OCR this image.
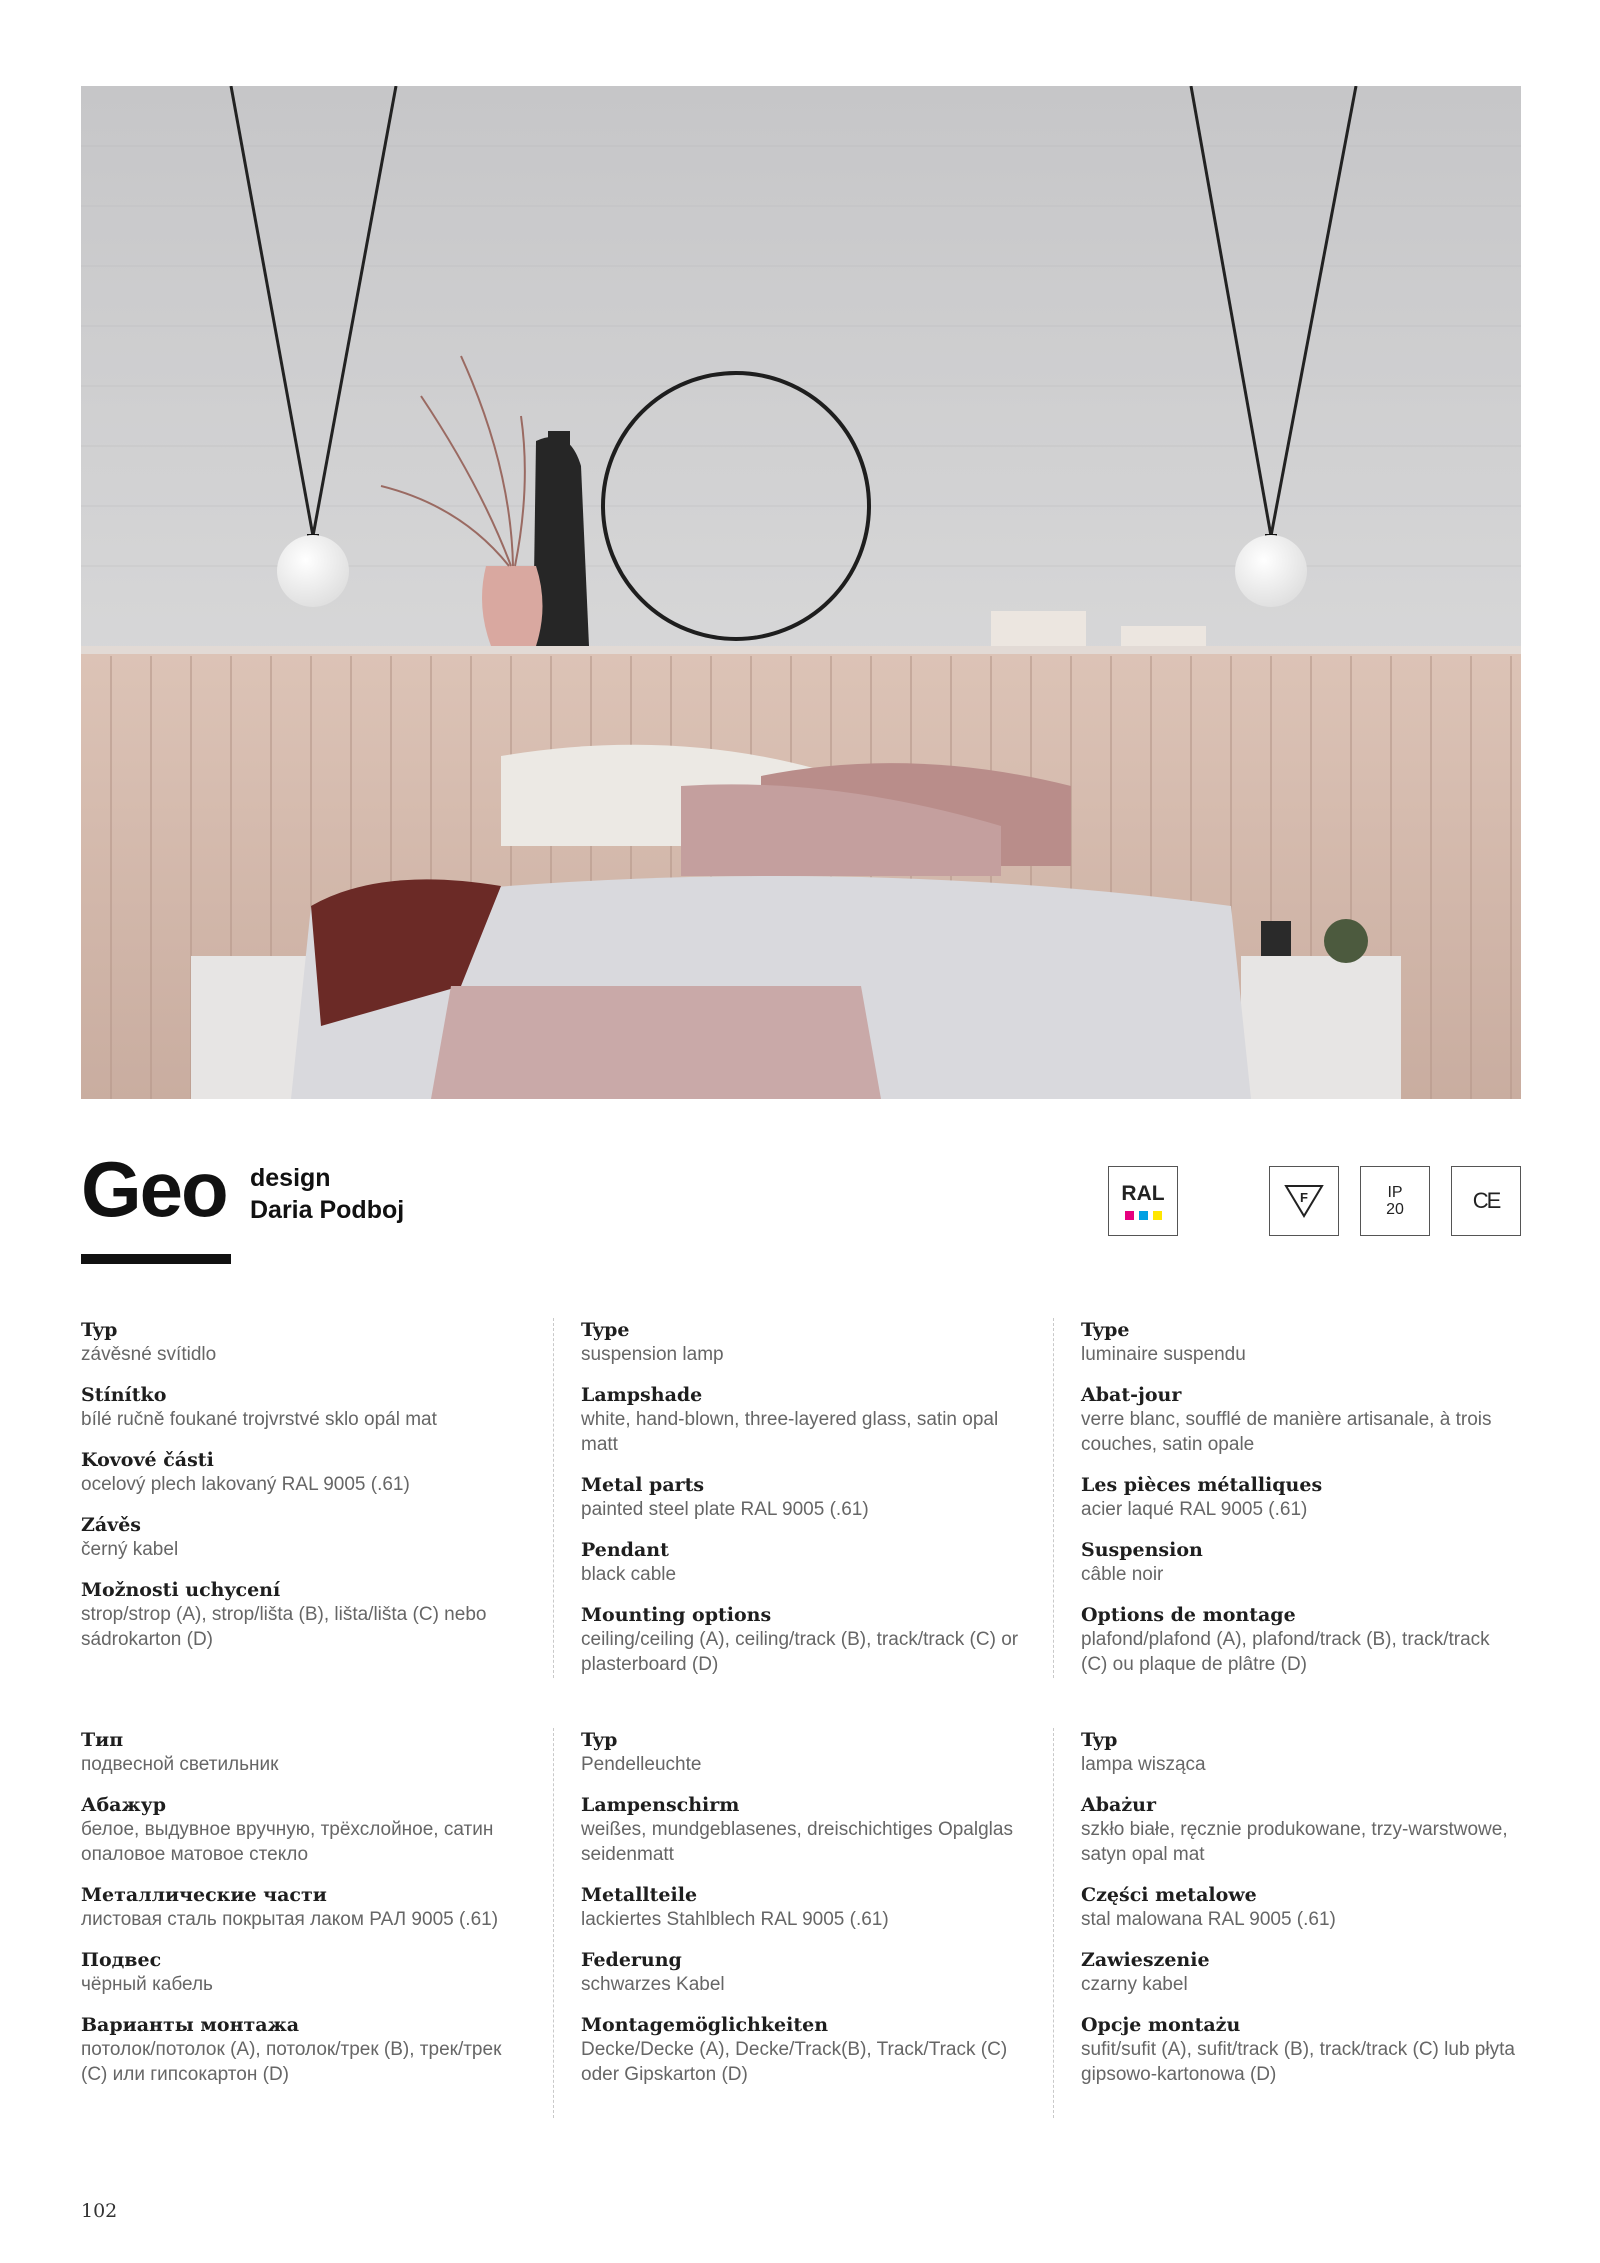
Geo design
Daria Podboj
RAL	F	IP
20	CE

Typ

závěsné svítidlo

Stínítko

bílé ručně foukané trojvrstvé sklo opál mat

Kovové části

ocelový plech lakovaný RAL 9005 (.61)

Závěs

černý kabel

Možnosti uchycení

strop/strop (A), strop/lišta (B), lišta/lišta (C) nebo sádrokarton (D)

Type

suspension lamp

Lampshade

white, hand-blown, three-layered glass, satin opal matt

Metal parts

painted steel plate RAL 9005 (.61)

Pendant

black cable

Mounting options

ceiling/ceiling (A), ceiling/track (B), track/track (C) or plasterboard (D)

Type

luminaire suspendu

Abat-jour

verre blanc, soufflé de manière artisanale, à trois couches, satin opale

Les pièces métalliques

acier laqué RAL 9005 (.61)

Suspension

câble noir

Options de montage

plafond/plafond (A), plafond/track (B), track/track (C) ou plaque de plâtre (D)

Тип

подвесной светильник

Абажур

белое, выдувное вручную, трёхслойное, сатин опаловое матовое стекло

Металлические части

листовая сталь покрытая лаком РАЛ 9005 (.61)

Подвес

чёрный кабель

Варианты монтажа

потолок/потолок (A), потолок/трек (B), трек/трек (C) или гипсокартон (D)

Typ

Pendelleuchte

Lampenschirm

weißes, mundgeblasenes, dreischichtiges Opalglas seidenmatt

Metallteile

lackiertes Stahlblech RAL 9005 (.61)

Federung

schwarzes Kabel

Montagemöglichkeiten

Decke/Decke (A), Decke/Track(B), Track/Track (C) oder Gipskarton (D)

Typ

lampa wisząca

Abażur

szkło białe, ręcznie produkowane, trzy-warstwowe, satyn opal mat

Części metalowe

stal malowana RAL 9005 (.61)

Zawieszenie

czarny kabel

Opcje montażu

sufit/sufit (A), sufit/track (B), track/track (C) lub płyta gipsowo-kartonowa (D)

102
